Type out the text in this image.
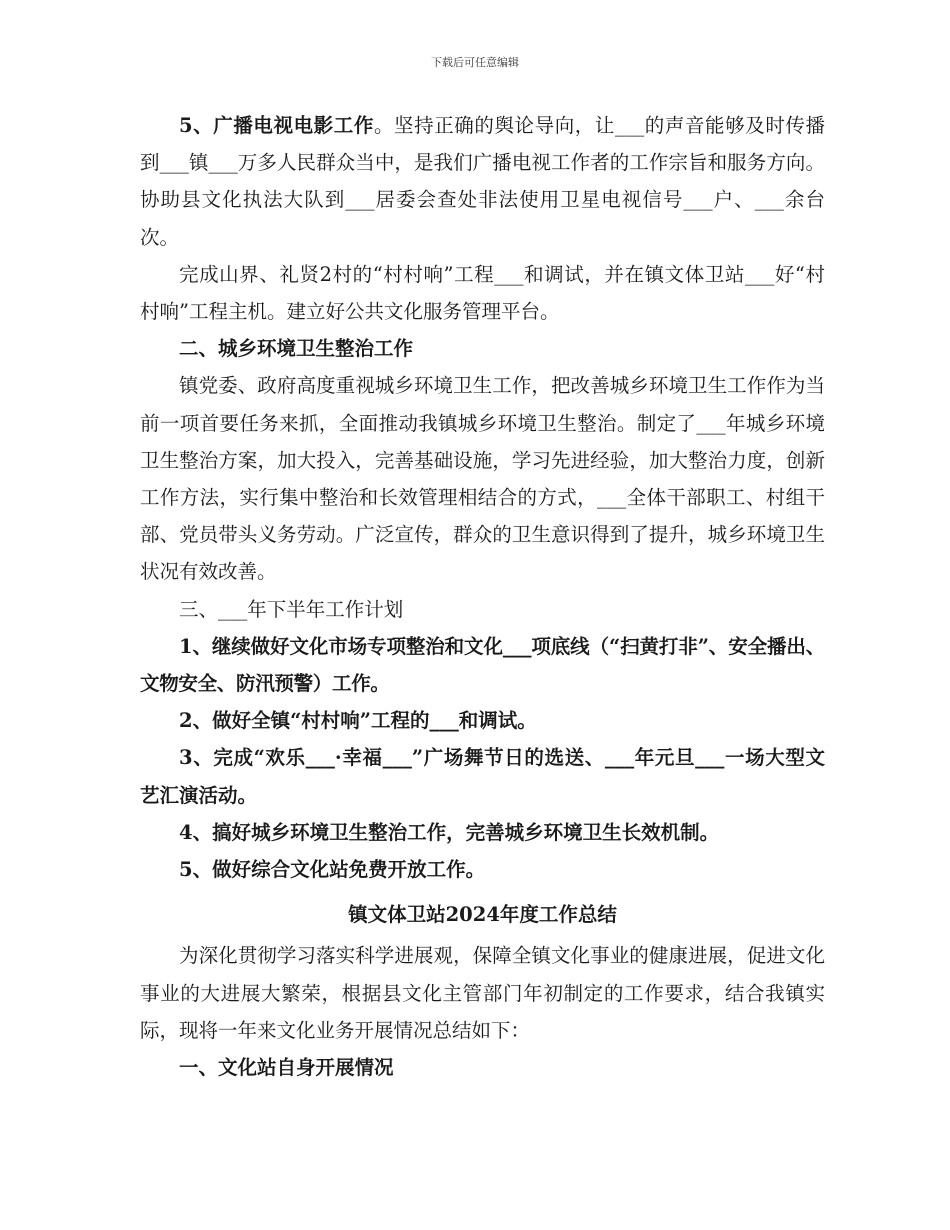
下载后可任意编辑

5、广播电视电影工作。坚持正确的舆论导向，让___的声音能够及时传播到___镇___万多人民群众当中，是我们广播电视工作者的工作宗旨和服务方向。协助县文化执法大队到___居委会查处非法使用卫星电视信号___户、___余台次。

完成山界、礼贤2村的“村村响”工程___和调试，并在镇文体卫站___好“村村响”工程主机。建立好公共文化服务管理平台。

二、城乡环境卫生整治工作

镇党委、政府高度重视城乡环境卫生工作，把改善城乡环境卫生工作作为当前一项首要任务来抓，全面推动我镇城乡环境卫生整治。制定了___年城乡环境卫生整治方案，加大投入，完善基础设施，学习先进经验，加大整治力度，创新工作方法，实行集中整治和长效管理相结合的方式，___全体干部职工、村组干部、党员带头义务劳动。广泛宣传，群众的卫生意识得到了提升，城乡环境卫生状况有效改善。

三、___年下半年工作计划

1、继续做好文化市场专项整治和文化___项底线（“扫黄打非”、安全播出、文物安全、防汛预警）工作。

2、做好全镇“村村响”工程的___和调试。

3、完成“欢乐___·幸福___”广场舞节日的选送、___年元旦___一场大型文艺汇演活动。

4、搞好城乡环境卫生整治工作，完善城乡环境卫生长效机制。

5、做好综合文化站免费开放工作。

镇文体卫站2024年度工作总结

为深化贯彻学习落实科学进展观，保障全镇文化事业的健康进展，促进文化事业的大进展大繁荣，根据县文化主管部门年初制定的工作要求，结合我镇实际，现将一年来文化业务开展情况总结如下：

一、文化站自身开展情况
